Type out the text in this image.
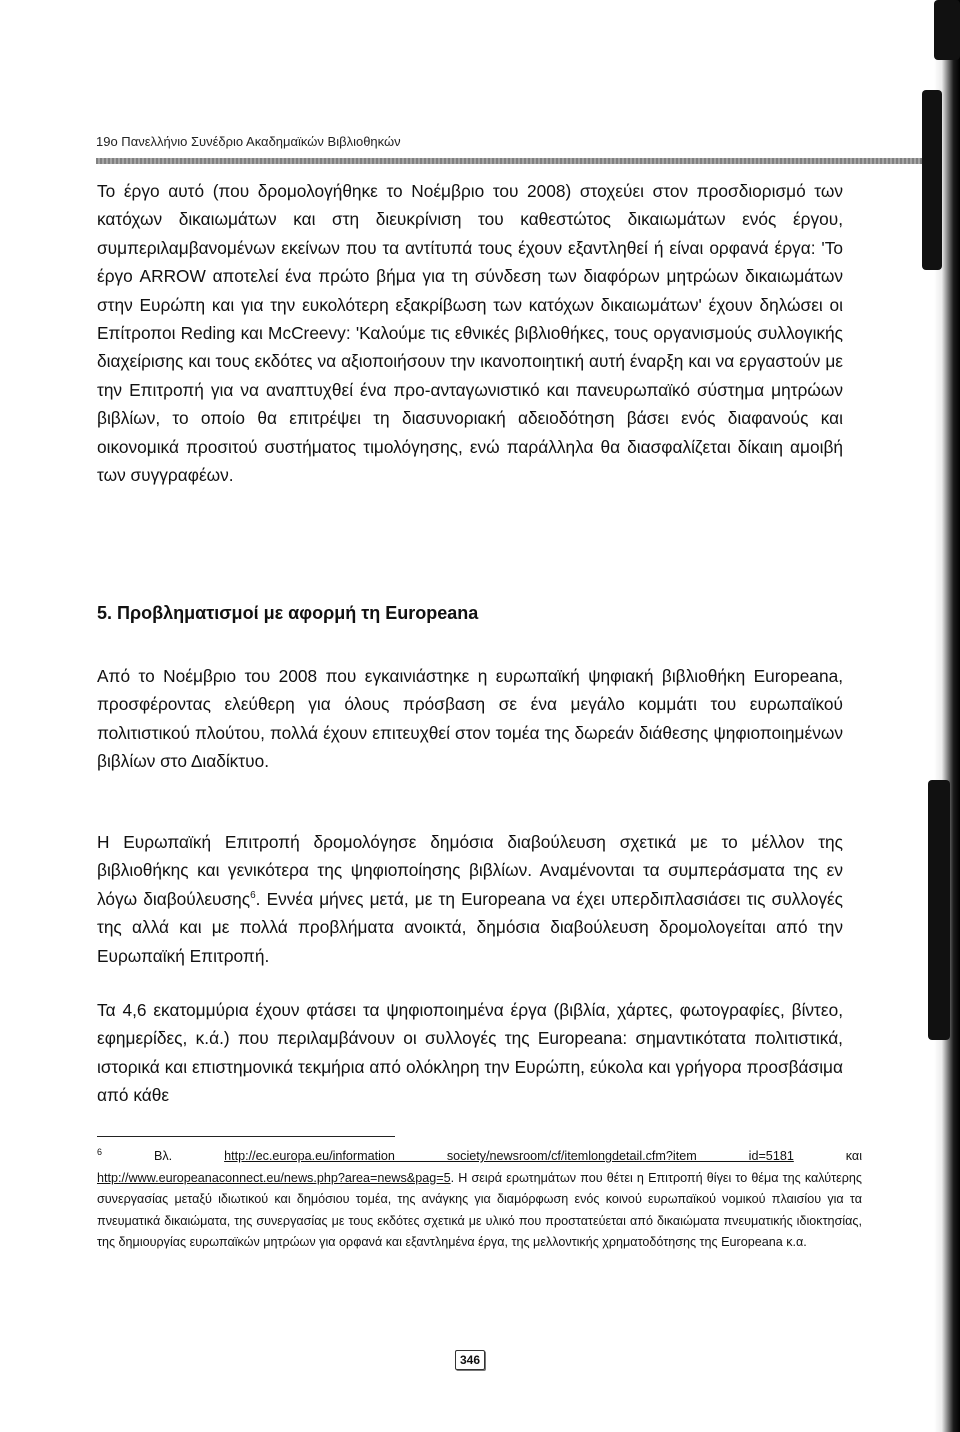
19ο Πανελλήνιο Συνέδριο Ακαδημαϊκών Βιβλιοθηκών

Το έργο αυτό (που δρομολογήθηκε το Νοέμβριο του 2008) στοχεύει στον προσδιορισμό των κατόχων δικαιωμάτων και στη διευκρίνιση του καθεστώτος δικαιωμάτων ενός έργου, συμπεριλαμβανομένων εκείνων που τα αντίτυπά τους έχουν εξαντληθεί ή είναι ορφανά έργα: 'Το έργο ARROW αποτελεί ένα πρώτο βήμα για τη σύνδεση των διαφόρων μητρώων δικαιωμάτων στην Ευρώπη και για την ευκολότερη εξακρίβωση των κατόχων δικαιωμάτων' έχουν δηλώσει οι Επίτροποι Reding και McCreevy: 'Καλούμε τις εθνικές βιβλιοθήκες, τους οργανισμούς συλλογικής διαχείρισης και τους εκδότες να αξιοποιήσουν την ικανοποιητική αυτή έναρξη και να εργαστούν με την Επιτροπή για να αναπτυχθεί ένα προ-ανταγωνιστικό και πανευρωπαϊκό σύστημα μητρώων βιβλίων, το οποίο θα επιτρέψει τη διασυνοριακή αδειοδότηση βάσει ενός διαφανούς και οικονομικά προσιτού συστήματος τιμολόγησης, ενώ παράλληλα θα διασφαλίζεται δίκαιη αμοιβή των συγγραφέων.

5. Προβληματισμοί με αφορμή τη Europeana

Από το Νοέμβριο του 2008 που εγκαινιάστηκε η ευρωπαϊκή ψηφιακή βιβλιοθήκη Europeana, προσφέροντας ελεύθερη για όλους πρόσβαση σε ένα μεγάλο κομμάτι του ευρωπαϊκού πολιτιστικού πλούτου, πολλά έχουν επιτευχθεί στον τομέα της δωρεάν διάθεσης ψηφιοποιημένων βιβλίων στο Διαδίκτυο.

Η Ευρωπαϊκή Επιτροπή δρομολόγησε δημόσια διαβούλευση σχετικά με το μέλλον της βιβλιοθήκης και γενικότερα της ψηφιοποίησης βιβλίων. Αναμένονται τα συμπεράσματα της εν λόγω διαβούλευσης$^6$. Εννέα μήνες μετά, με τη Europeana να έχει υπερδιπλασιάσει τις συλλογές της αλλά και με πολλά προβλήματα ανοικτά, δημόσια διαβούλευση δρομολογείται από την Ευρωπαϊκή Επιτροπή.

Τα 4,6 εκατομμύρια έχουν φτάσει τα ψηφιοποιημένα έργα (βιβλία, χάρτες, φωτογραφίες, βίντεο, εφημερίδες, κ.ά.) που περιλαμβάνουν οι συλλογές της Europeana: σημαντικότατα πολιτιστικά, ιστορικά και επιστημονικά τεκμήρια από ολόκληρη την Ευρώπη, εύκολα και γρήγορα προσβάσιμα από κάθε

$^6$	Βλ.	http://ec.europa.eu/information society/newsroom/cf/itemlongdetail.cfm?item id=5181	και http://www.europeanaconnect.eu/news.php?area=news&pag=5. Η σειρά ερωτημάτων που θέτει η Επιτροπή θίγει το θέμα της καλύτερης συνεργασίας μεταξύ ιδιωτικού και δημόσιου τομέα, της ανάγκης για διαμόρφωση ενός κοινού ευρωπαϊκού νομικού πλαισίου για τα πνευματικά δικαιώματα, της συνεργασίας με τους εκδότες σχετικά με υλικό που προστατεύεται από δικαιώματα πνευματικής ιδιοκτησίας, της δημιουργίας ευρωπαϊκών μητρώων για ορφανά και εξαντλημένα έργα, της μελλοντικής χρηματοδότησης της Europeana κ.α.
346
